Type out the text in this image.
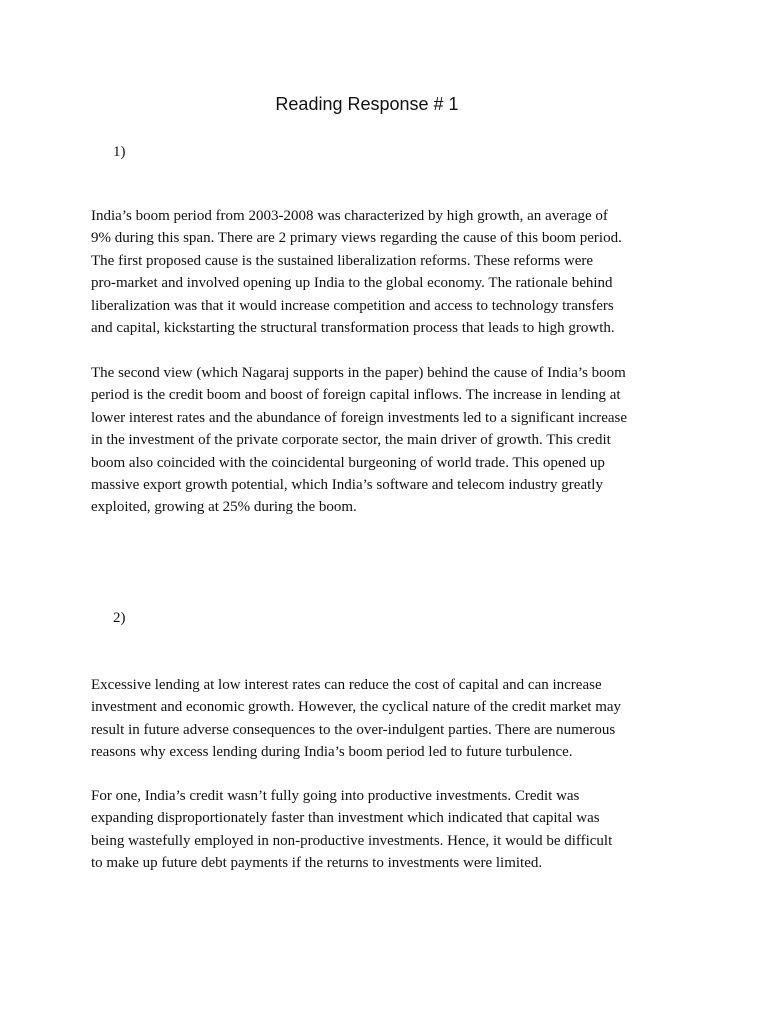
Reading Response # 1
1)
India’s boom period from 2003-2008 was characterized by high growth, an average of
9% during this span. There are 2 primary views regarding the cause of this boom period.
The first proposed cause is the sustained liberalization reforms. These reforms were
pro-market and involved opening up India to the global economy. The rationale behind
liberalization was that it would increase competition and access to technology transfers
and capital, kickstarting the structural transformation process that leads to high growth.
The second view (which Nagaraj supports in the paper) behind the cause of India’s boom
period is the credit boom and boost of foreign capital inflows. The increase in lending at
lower interest rates and the abundance of foreign investments led to a significant increase
in the investment of the private corporate sector, the main driver of growth. This credit
boom also coincided with the coincidental burgeoning of world trade. This opened up
massive export growth potential, which India’s software and telecom industry greatly
exploited, growing at 25% during the boom.
2)
Excessive lending at low interest rates can reduce the cost of capital and can increase
investment and economic growth. However, the cyclical nature of the credit market may
result in future adverse consequences to the over-indulgent parties. There are numerous
reasons why excess lending during India’s boom period led to future turbulence.
For one, India’s credit wasn’t fully going into productive investments. Credit was
expanding disproportionately faster than investment which indicated that capital was
being wastefully employed in non-productive investments. Hence, it would be difficult
to make up future debt payments if the returns to investments were limited.
